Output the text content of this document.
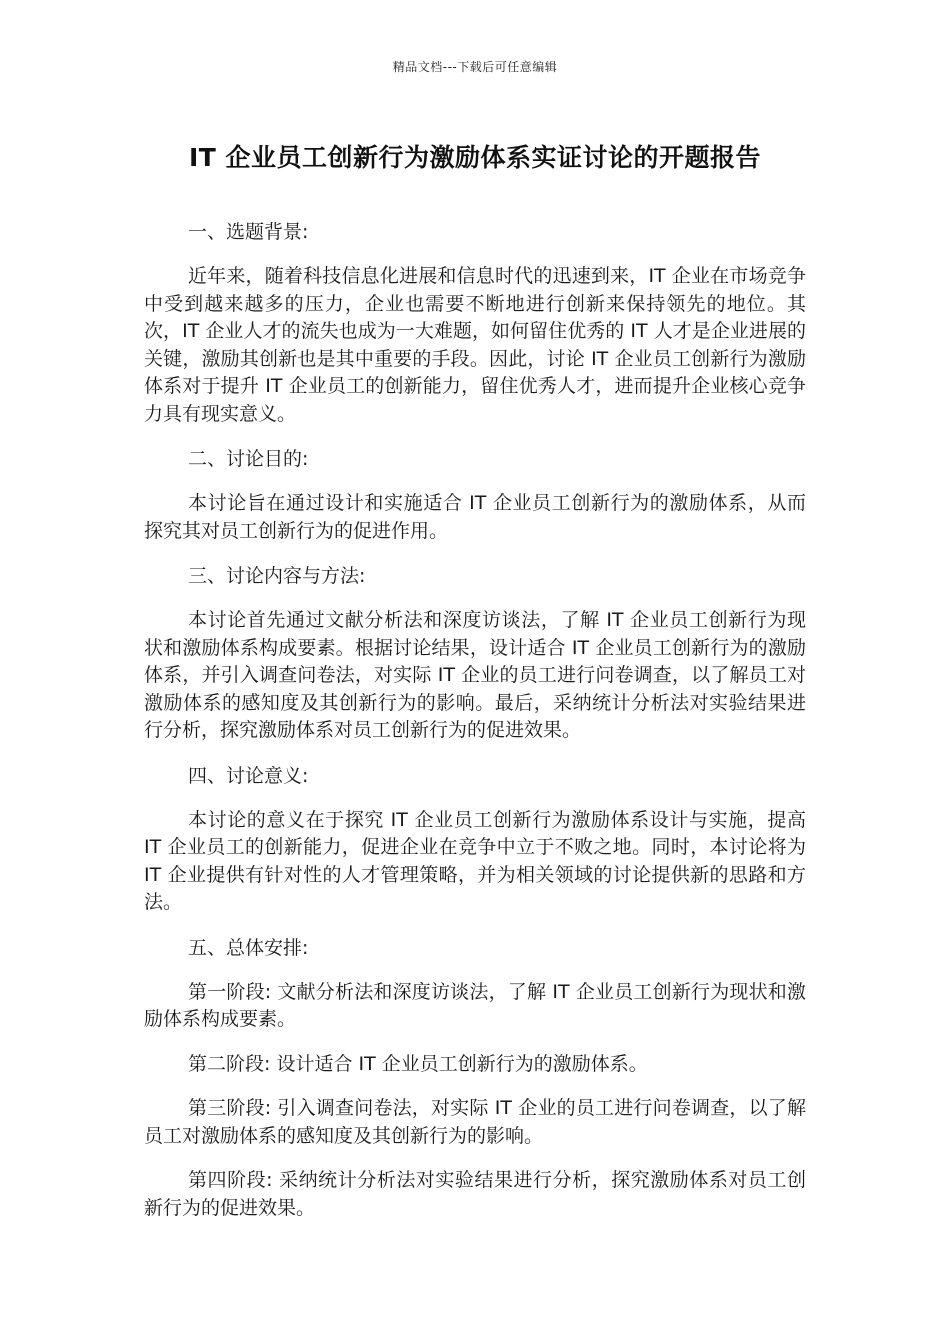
精品文档---下载后可任意编辑
IT 企业员工创新行为激励体系实证讨论的开题报告

一、选题背景:

近年来，随着科技信息化进展和信息时代的迅速到来，IT 企业在市场竞争中受到越来越多的压力，企业也需要不断地进行创新来保持领先的地位。其次，IT 企业人才的流失也成为一大难题，如何留住优秀的 IT 人才是企业进展的关键，激励其创新也是其中重要的手段。因此，讨论 IT 企业员工创新行为激励体系对于提升 IT 企业员工的创新能力，留住优秀人才，进而提升企业核心竞争力具有现实意义。

二、讨论目的:

本讨论旨在通过设计和实施适合 IT 企业员工创新行为的激励体系，从而探究其对员工创新行为的促进作用。

三、讨论内容与方法:

本讨论首先通过文献分析法和深度访谈法，了解 IT 企业员工创新行为现状和激励体系构成要素。根据讨论结果，设计适合 IT 企业员工创新行为的激励体系，并引入调查问卷法，对实际 IT 企业的员工进行问卷调查，以了解员工对激励体系的感知度及其创新行为的影响。最后，采纳统计分析法对实验结果进行分析，探究激励体系对员工创新行为的促进效果。

四、讨论意义:

本讨论的意义在于探究 IT 企业员工创新行为激励体系设计与实施，提高 IT 企业员工的创新能力，促进企业在竞争中立于不败之地。同时，本讨论将为 IT 企业提供有针对性的人才管理策略，并为相关领域的讨论提供新的思路和方法。

五、总体安排:

第一阶段: 文献分析法和深度访谈法，了解 IT 企业员工创新行为现状和激励体系构成要素。

第二阶段: 设计适合 IT 企业员工创新行为的激励体系。

第三阶段: 引入调查问卷法，对实际 IT 企业的员工进行问卷调查，以了解员工对激励体系的感知度及其创新行为的影响。

第四阶段: 采纳统计分析法对实验结果进行分析，探究激励体系对员工创新行为的促进效果。
